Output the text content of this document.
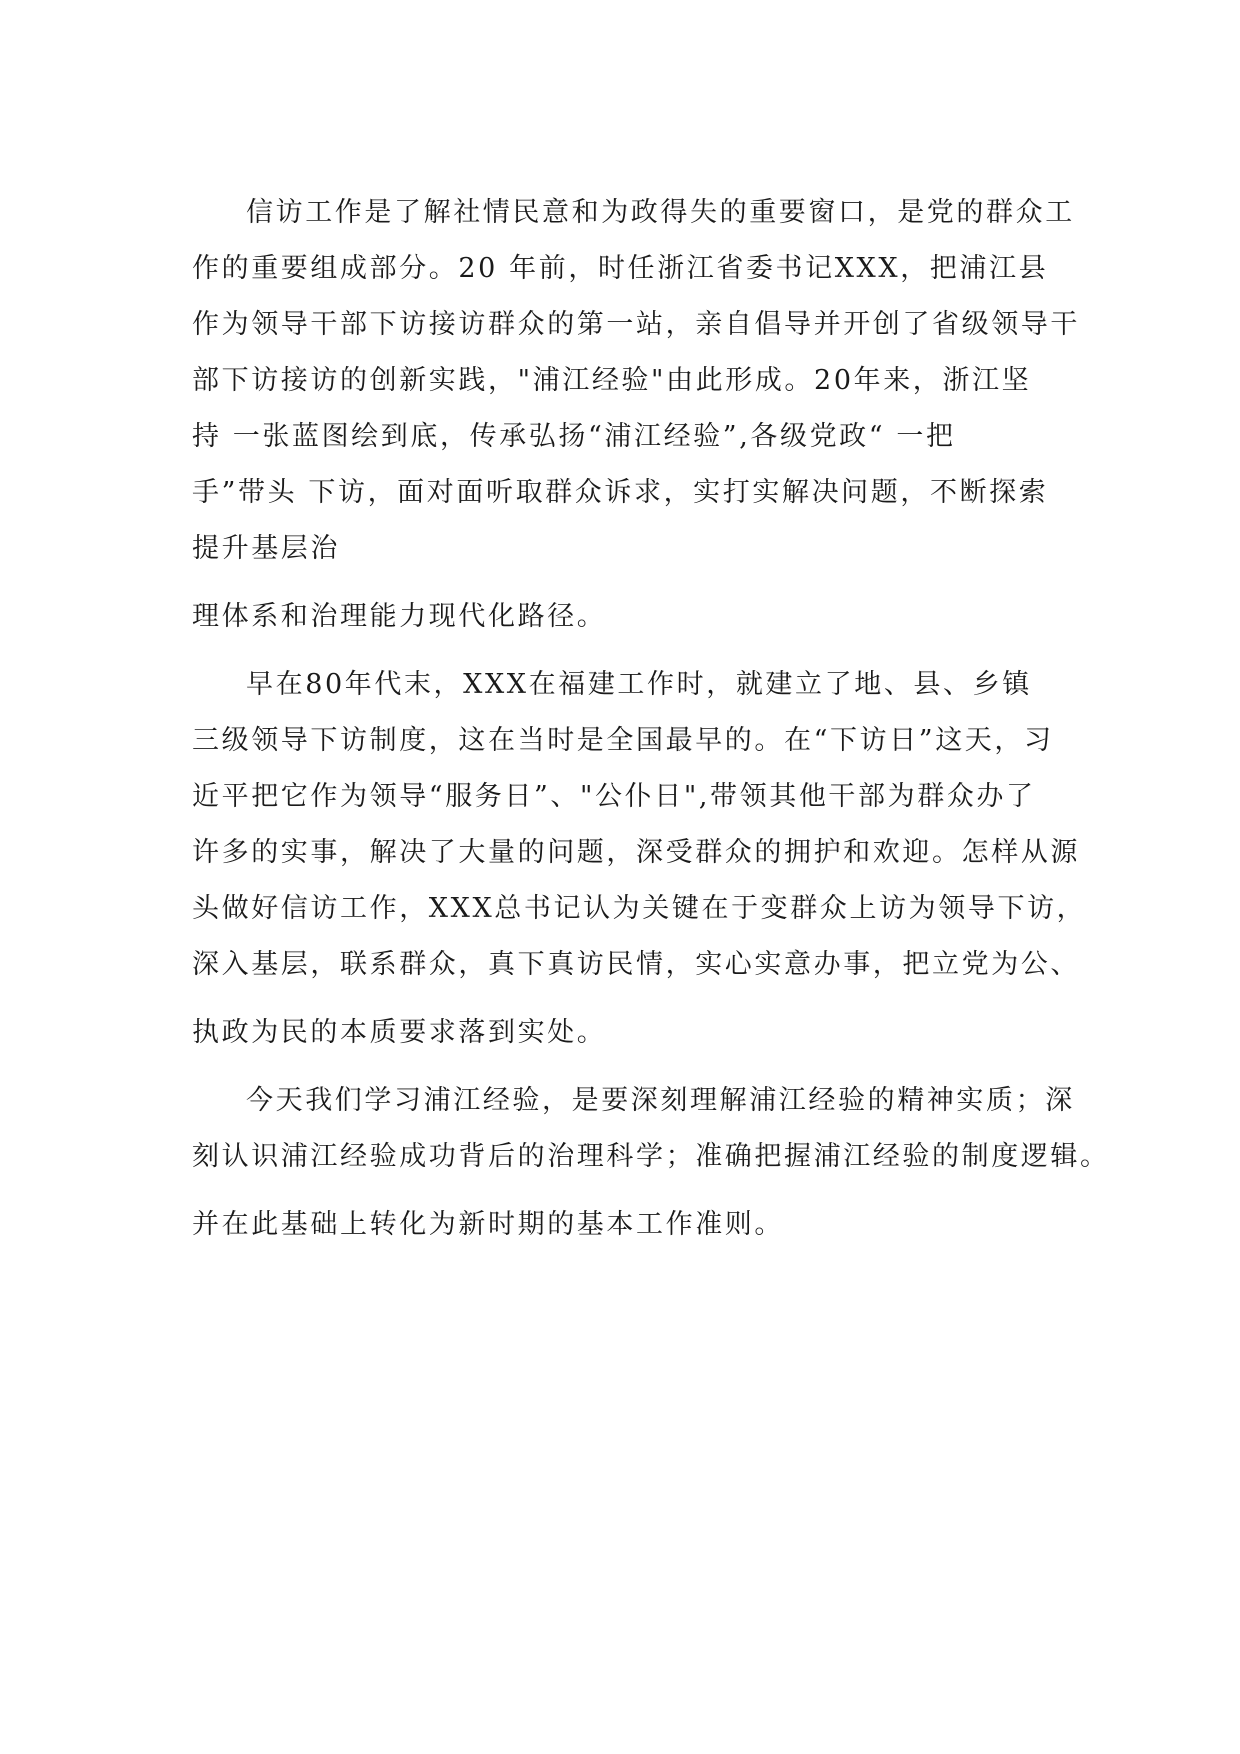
信访工作是了解社情民意和为政得失的重要窗口，是党的群众工
作的重要组成部分。20 年前，时任浙江省委书记XXX，把浦江县
作为领导干部下访接访群众的第一站，亲自倡导并开创了省级领导干
部下访接访的创新实践，"浦江经验"由此形成。20年来，浙江坚
持 一张蓝图绘到底，传承弘扬“浦江经验”,各级党政“ 一把
手”带头 下访，面对面听取群众诉求，实打实解决问题，不断探索
提升基层治
理体系和治理能力现代化路径。
早在80年代末，XXX在福建工作时，就建立了地、县、乡镇
三级领导下访制度，这在当时是全国最早的。在“下访日”这天，习
近平把它作为领导“服务日”、"公仆日",带领其他干部为群众办了
许多的实事，解决了大量的问题，深受群众的拥护和欢迎。怎样从源
头做好信访工作，XXX总书记认为关键在于变群众上访为领导下访，
深入基层，联系群众，真下真访民情，实心实意办事，把立党为公、
执政为民的本质要求落到实处。
今天我们学习浦江经验，是要深刻理解浦江经验的精神实质；深
刻认识浦江经验成功背后的治理科学；准确把握浦江经验的制度逻辑。
并在此基础上转化为新时期的基本工作准则。
